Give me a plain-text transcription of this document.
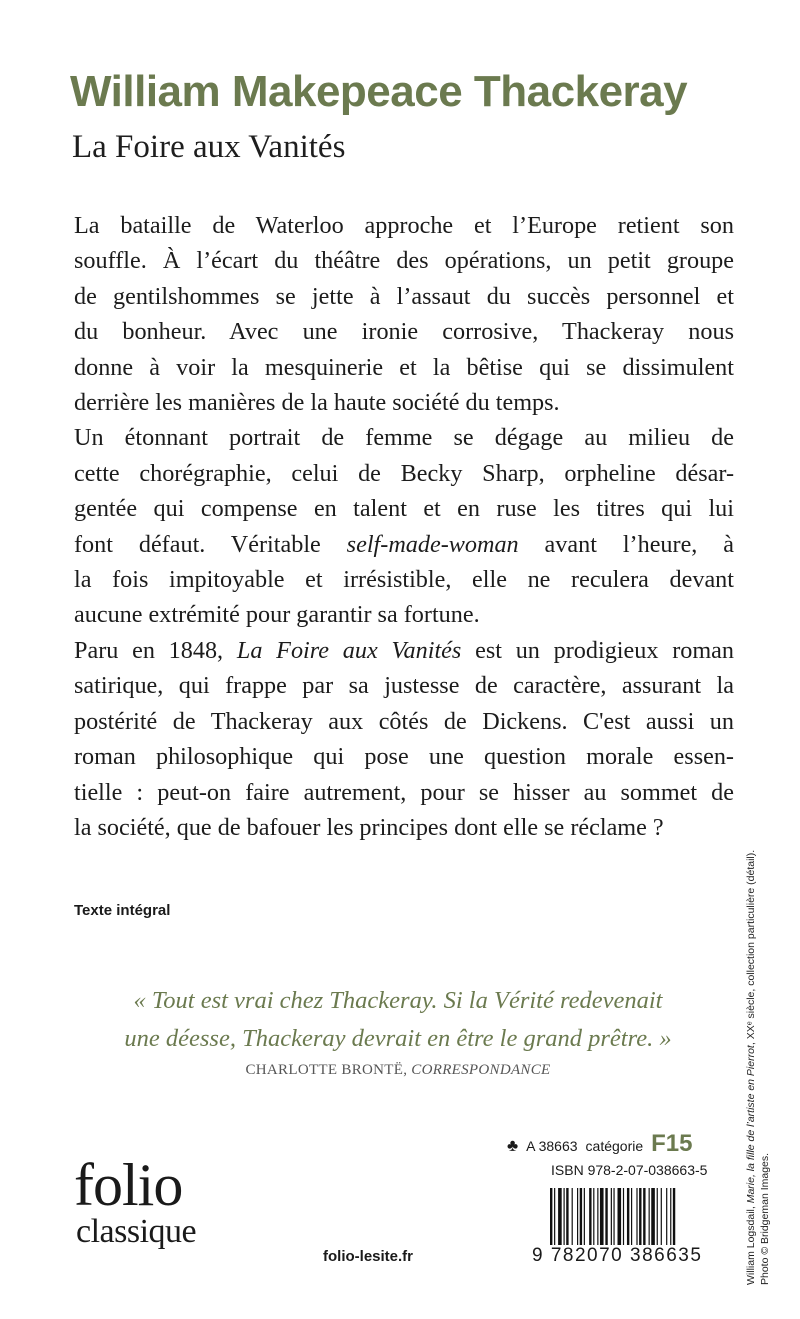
William Makepeace Thackeray
La Foire aux Vanités
La bataille de Waterloo approche et l’Europe retient son
souffle. À l’écart du théâtre des opérations, un petit groupe
de gentilshommes se jette à l’assaut du succès personnel et
du bonheur. Avec une ironie corrosive, Thackeray nous
donne à voir la mesquinerie et la bêtise qui se dissimulent
derrière les manières de la haute société du temps.
Un étonnant portrait de femme se dégage au milieu de
cette chorégraphie, celui de Becky Sharp, orpheline désar-
gentée qui compense en talent et en ruse les titres qui lui
font défaut. Véritable self-made-woman avant l’heure, à
la fois impitoyable et irrésistible, elle ne reculera devant
aucune extrémité pour garantir sa fortune.
Paru en 1848, La Foire aux Vanités est un prodigieux roman
satirique, qui frappe par sa justesse de caractère, assurant la
postérité de Thackeray aux côtés de Dickens. C'est aussi un
roman philosophique qui pose une question morale essen-
tielle : peut-on faire autrement, pour se hisser au sommet de
la société, que de bafouer les principes dont elle se réclame ?
Texte intégral
« Tout est vrai chez Thackeray. Si la Vérité redevenait
une déesse, Thackeray devrait en être le grand prêtre. »
CHARLOTTE BRONTË, CORRESPONDANCE
folio
classique
folio-lesite.fr
♣ A 38663 catégorie F15
ISBN 978-2-07-038663-5
9 782070 386635	William Logsdail, Marie, la fille de l’artiste en Pierrot, XXᵉ siècle, collection particulière (détail).
Photo © Bridgeman Images.
